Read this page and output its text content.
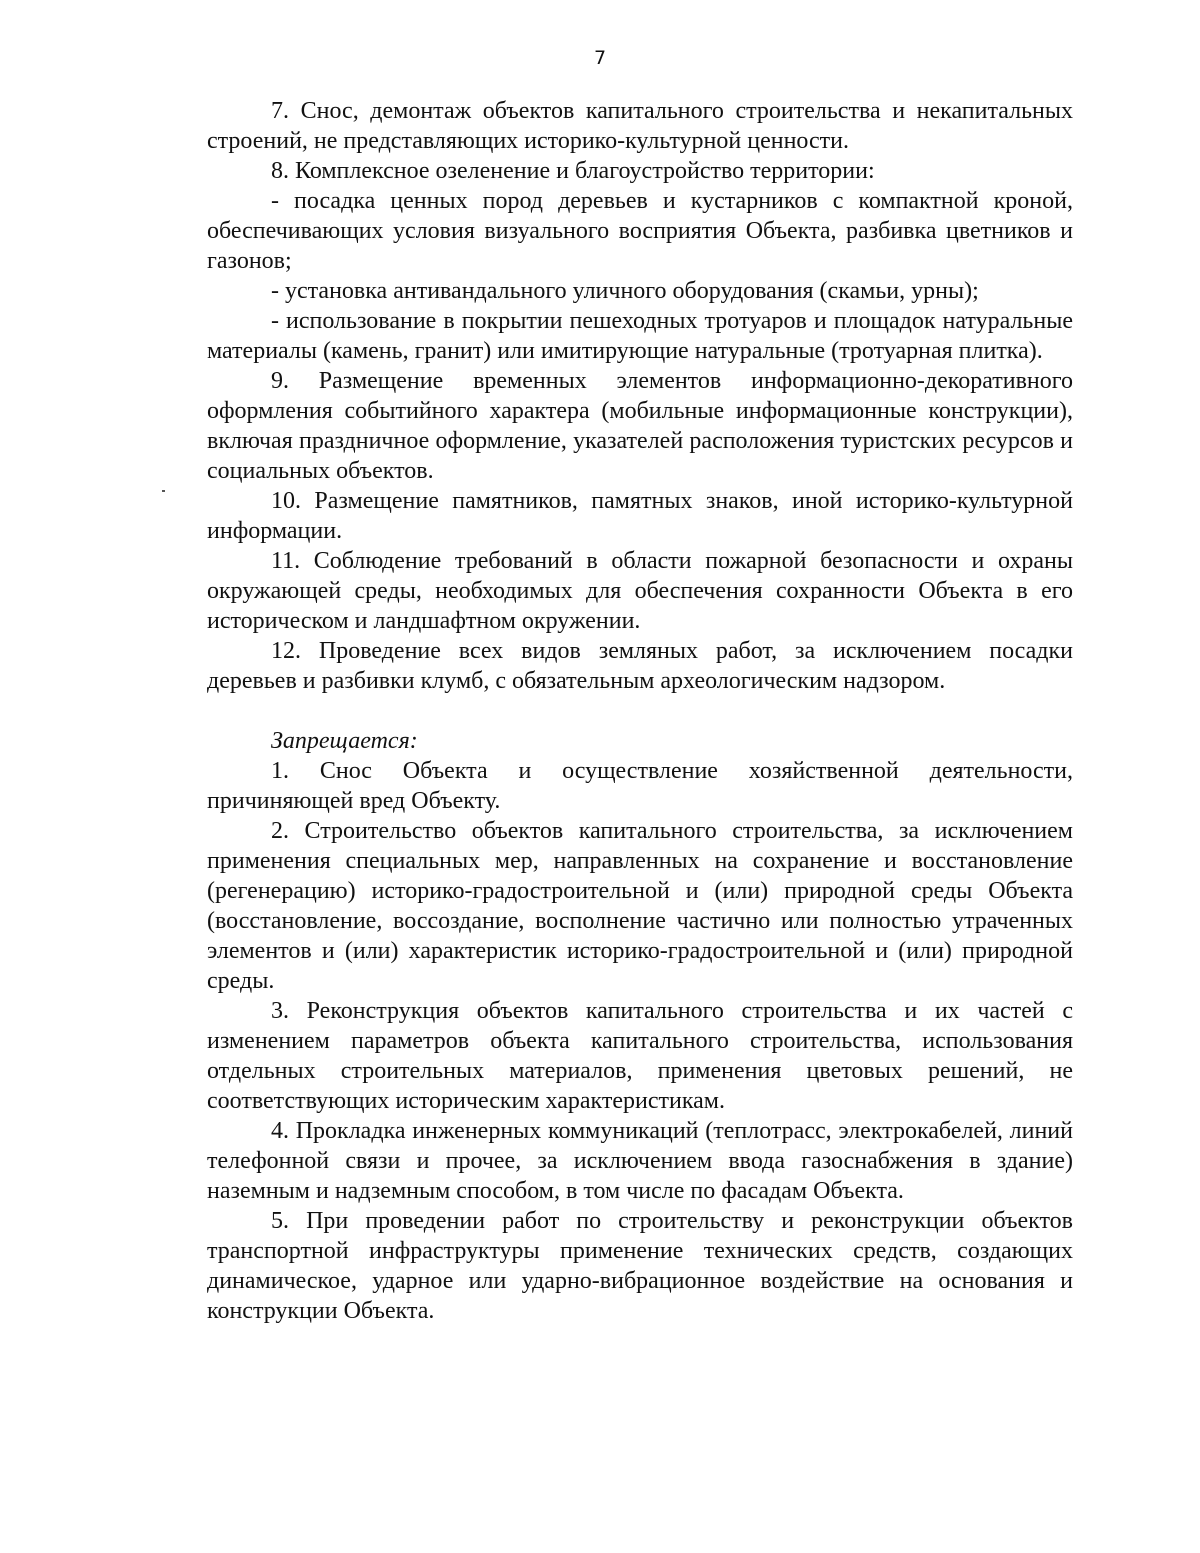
7

7. Снос, демонтаж объектов капитального строительства и некапитальных строений, не представляющих историко-культурной ценности.

8. Комплексное озеленение и благоустройство территории:

- посадка ценных пород деревьев и кустарников с компактной кроной, обеспечивающих условия визуального восприятия Объекта, разбивка цветников и газонов;

- установка антивандального уличного оборудования (скамьи, урны);

- использование в покрытии пешеходных тротуаров и площадок натуральные материалы (камень, гранит) или имитирующие натуральные (тротуарная плитка).

9. Размещение временных элементов информационно-декоративного оформления событийного характера (мобильные информационные конструкции), включая праздничное оформление, указателей расположения туристских ресурсов и социальных объектов.

10. Размещение памятников, памятных знаков, иной историко-культурной информации.

11. Соблюдение требований в области пожарной безопасности и охраны окружающей среды, необходимых для обеспечения сохранности Объекта в его историческом и ландшафтном окружении.

12. Проведение всех видов земляных работ, за исключением посадки деревьев и разбивки клумб, с обязательным археологическим надзором.

Запрещается:

1. Снос Объекта и осуществление хозяйственной деятельности, причиняющей вред Объекту.

2. Строительство объектов капитального строительства, за исключением применения специальных мер, направленных на сохранение и восстановление (регенерацию) историко-градостроительной и (или) природной среды Объекта (восстановление, воссоздание, восполнение частично или полностью утраченных элементов и (или) характеристик историко-градостроительной и (или) природной среды.

3. Реконструкция объектов капитального строительства и их частей с изменением параметров объекта капитального строительства, использования отдельных строительных материалов, применения цветовых решений, не соответствующих историческим характеристикам.

4. Прокладка инженерных коммуникаций (теплотрасс, электрокабелей, линий телефонной связи и прочее, за исключением ввода газоснабжения в здание) наземным и надземным способом, в том числе по фасадам Объекта.

5. При проведении работ по строительству и реконструкции объектов транспортной инфраструктуры применение технических средств, создающих динамическое, ударное или ударно-вибрационное воздействие на основания и конструкции Объекта.
